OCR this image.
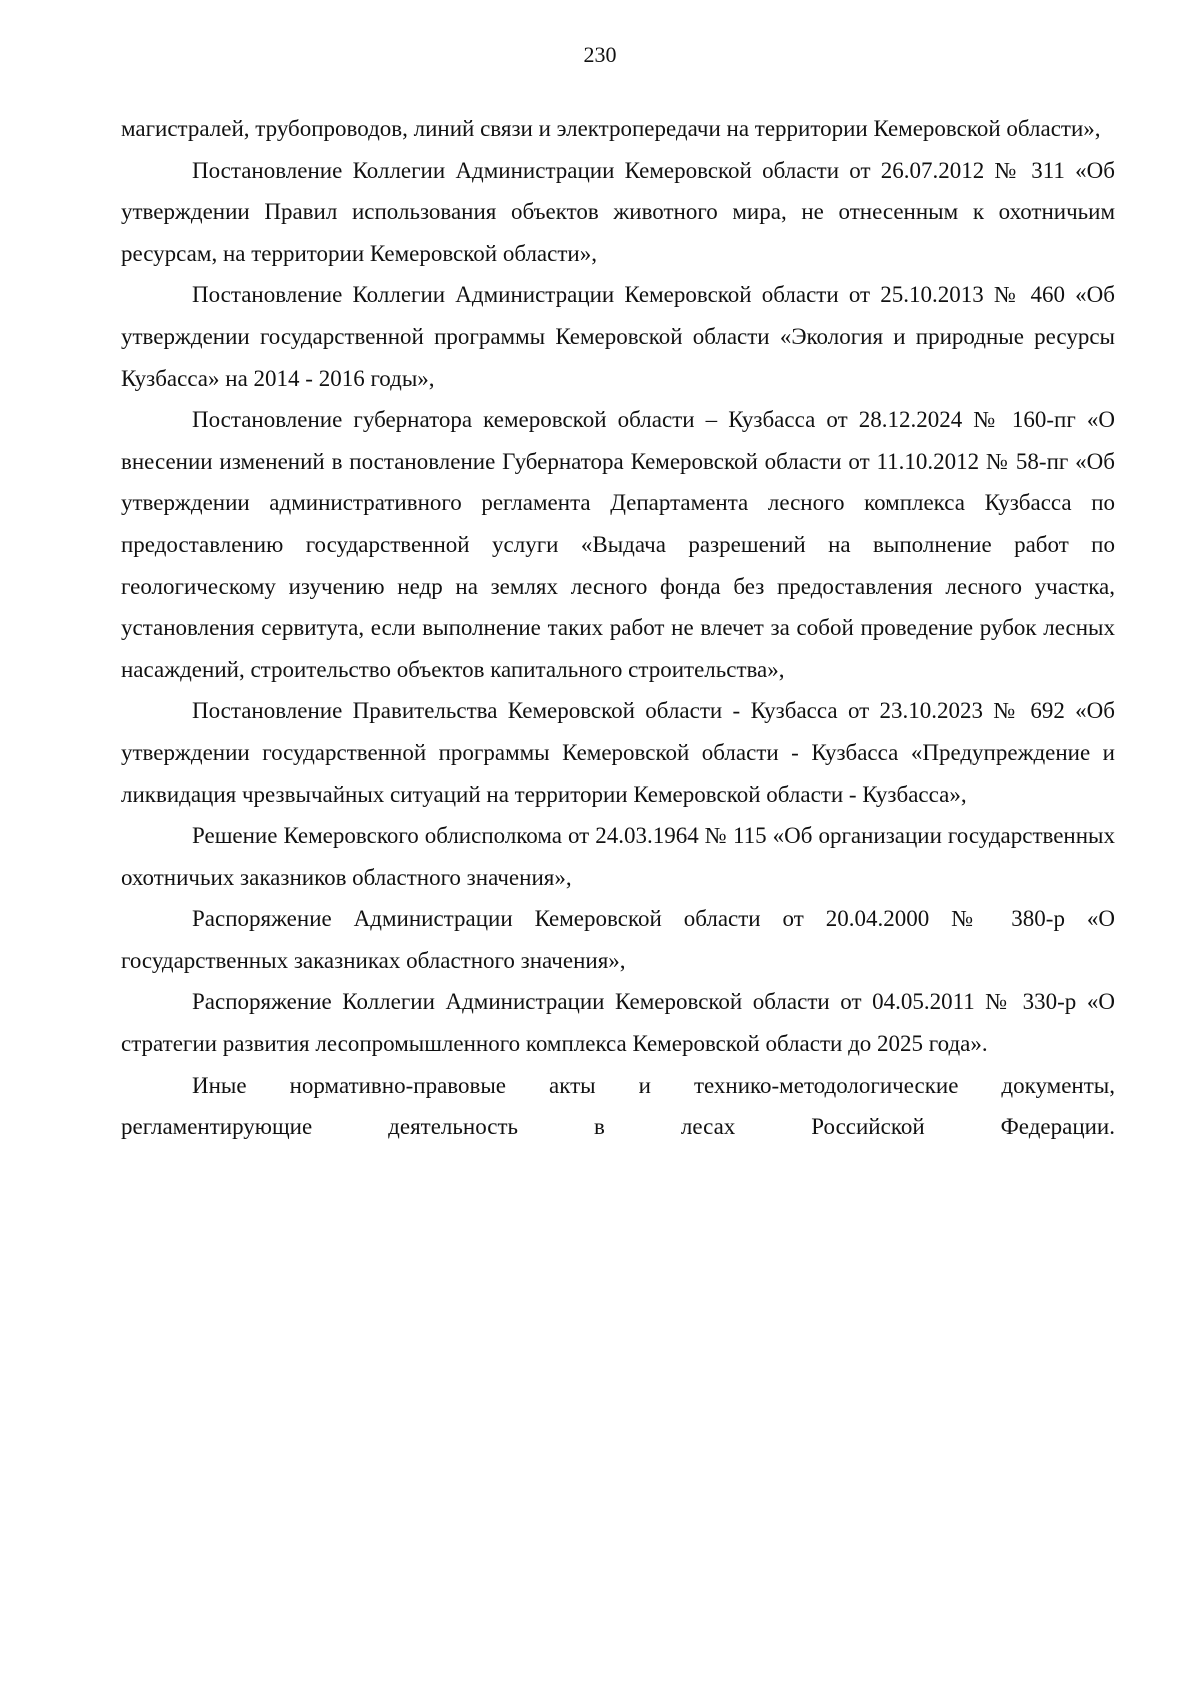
230

магистралей, трубопроводов, линий связи и электропередачи на территории Кемеровской области»,

Постановление Коллегии Администрации Кемеровской области от 26.07.2012 № 311 «Об утверждении Правил использования объектов животного мира, не отнесенным к охотничьим ресурсам, на территории Кемеровской области»,

Постановление Коллегии Администрации Кемеровской области от 25.10.2013 № 460 «Об утверждении государственной программы Кемеровской области «Экология и природные ресурсы Кузбасса» на 2014 - 2016 годы»,

Постановление губернатора кемеровской области – Кузбасса от 28.12.2024 № 160-пг «О внесении изменений в постановление Губернатора Кемеровской области от 11.10.2012 № 58-пг «Об утверждении административного регламента Департамента лесного комплекса Кузбасса по предоставлению государственной услуги «Выдача разрешений на выполнение работ по геологическому изучению недр на землях лесного фонда без предоставления лесного участка, установления сервитута, если выполнение таких работ не влечет за собой проведение рубок лесных насаждений, строительство объектов капитального строительства»,

Постановление Правительства Кемеровской области - Кузбасса от 23.10.2023 № 692 «Об утверждении государственной программы Кемеровской области - Кузбасса «Предупреждение и ликвидация чрезвычайных ситуаций на территории Кемеровской области - Кузбасса»,

Решение Кемеровского облисполкома от 24.03.1964 № 115 «Об организации государственных охотничьих заказников областного значения»,

Распоряжение Администрации Кемеровской области от 20.04.2000 № 380-р «О государственных заказниках областного значения»,

Распоряжение Коллегии Администрации Кемеровской области от 04.05.2011 № 330-р «О стратегии развития лесопромышленного комплекса Кемеровской области до 2025 года».

Иные нормативно-правовые акты и технико-методологические документы, регламентирующие деятельность в лесах Российской Федерации.
